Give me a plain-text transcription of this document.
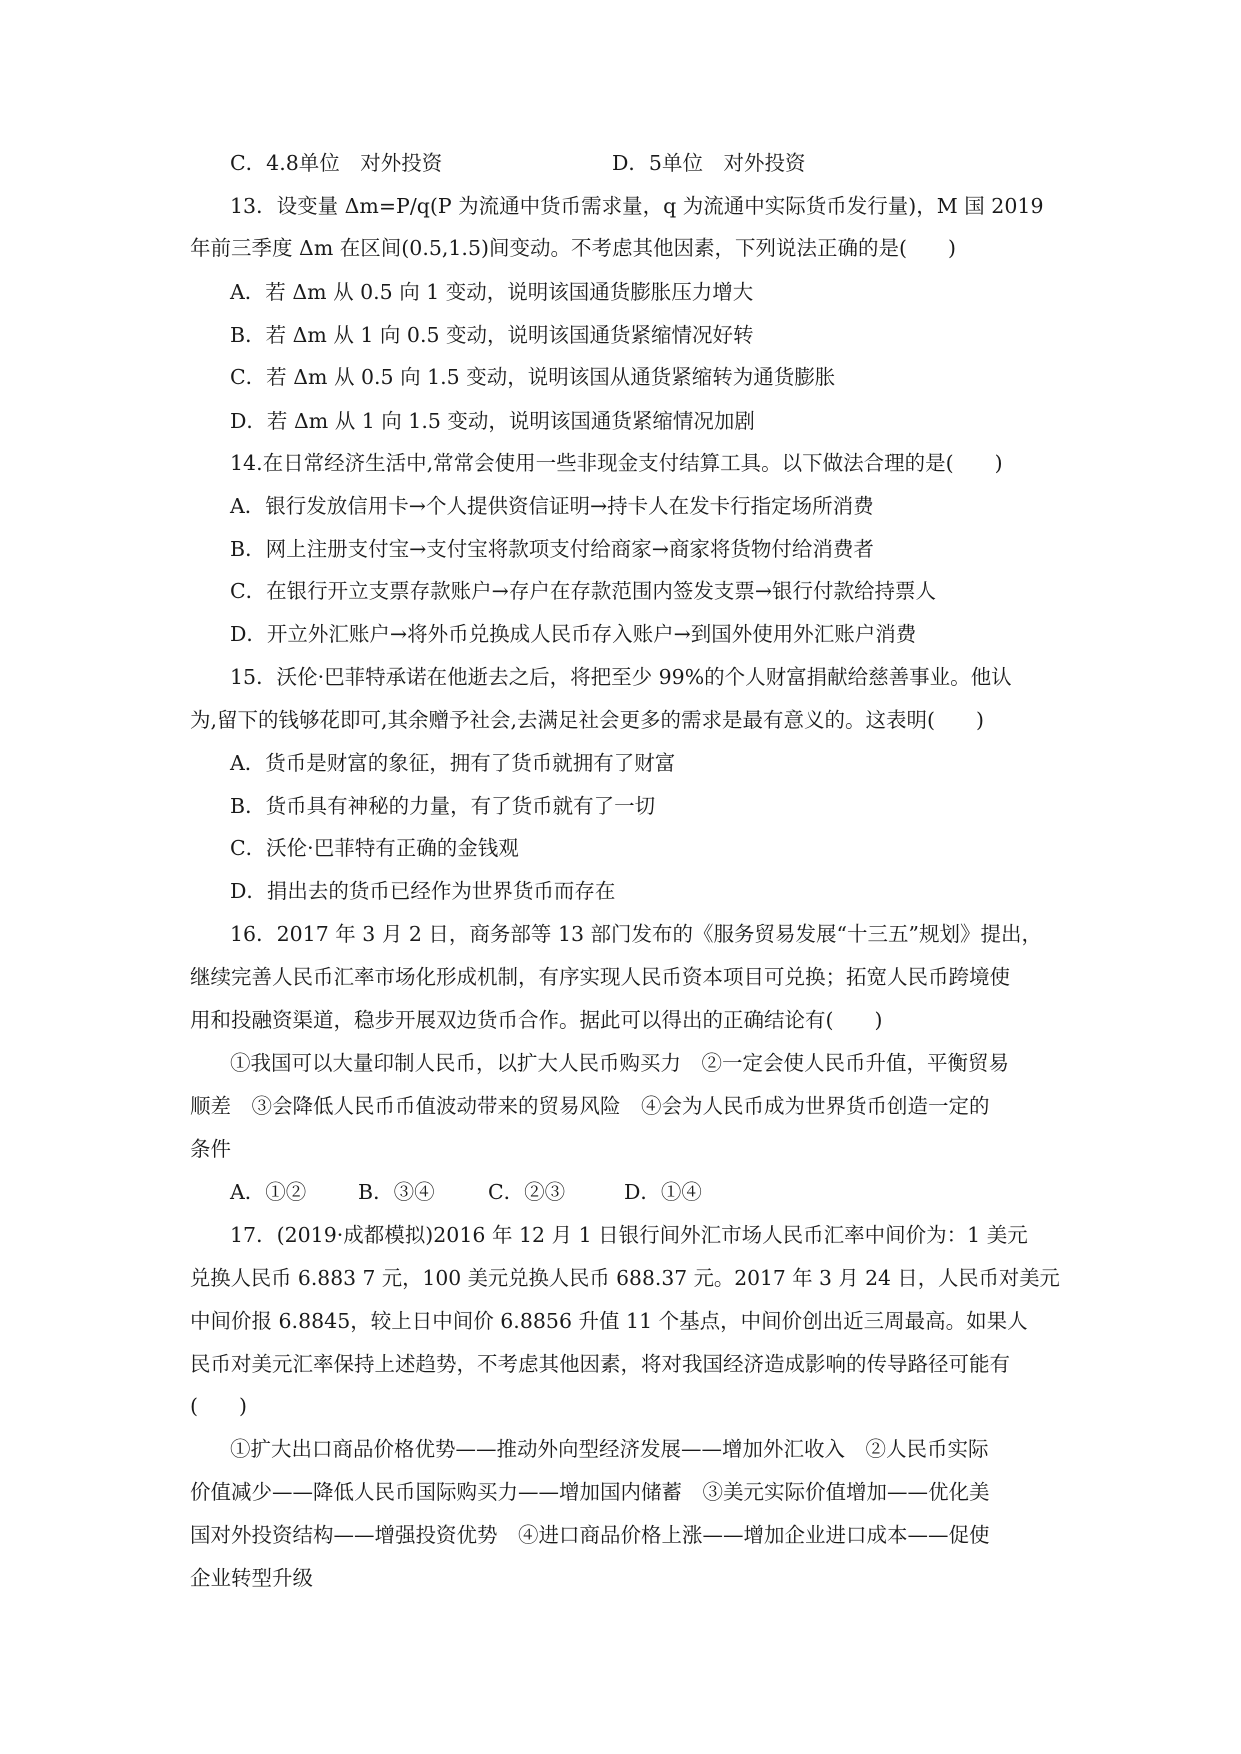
C．4.8单位　对外投资	D．5单位　对外投资
13．设变量 Δm=P/q(P 为流通中货币需求量，q 为流通中实际货币发行量)，M 国 2019
年前三季度 Δm 在区间(0.5,1.5)间变动。不考虑其他因素，下列说法正确的是(　　)
A．若 Δm 从 0.5 向 1 变动，说明该国通货膨胀压力增大
B．若 Δm 从 1 向 0.5 变动，说明该国通货紧缩情况好转
C．若 Δm 从 0.5 向 1.5 变动，说明该国从通货紧缩转为通货膨胀
D．若 Δm 从 1 向 1.5 变动，说明该国通货紧缩情况加剧
14.在日常经济生活中,常常会使用一些非现金支付结算工具。以下做法合理的是(　　)
A．银行发放信用卡→个人提供资信证明→持卡人在发卡行指定场所消费
B．网上注册支付宝→支付宝将款项支付给商家→商家将货物付给消费者
C．在银行开立支票存款账户→存户在存款范围内签发支票→银行付款给持票人
D．开立外汇账户→将外币兑换成人民币存入账户→到国外使用外汇账户消费
15．沃伦·巴菲特承诺在他逝去之后，将把至少 99%的个人财富捐献给慈善事业。他认
为,留下的钱够花即可,其余赠予社会,去满足社会更多的需求是最有意义的。这表明(　　)
A．货币是财富的象征，拥有了货币就拥有了财富
B．货币具有神秘的力量，有了货币就有了一切
C．沃伦·巴菲特有正确的金钱观
D．捐出去的货币已经作为世界货币而存在
16．2017 年 3 月 2 日，商务部等 13 部门发布的《服务贸易发展“十三五”规划》提出，
继续完善人民币汇率市场化形成机制，有序实现人民币资本项目可兑换；拓宽人民币跨境使
用和投融资渠道，稳步开展双边货币合作。据此可以得出的正确结论有(　　)
①我国可以大量印制人民币，以扩大人民币购买力　②一定会使人民币升值，平衡贸易
顺差　③会降低人民币币值波动带来的贸易风险　④会为人民币成为世界货币创造一定的
条件
A．①②	B．③④	C．②③	D．①④
17．(2019·成都模拟)2016 年 12 月 1 日银行间外汇市场人民币汇率中间价为：1 美元
兑换人民币 6.883 7 元，100 美元兑换人民币 688.37 元。2017 年 3 月 24 日，人民币对美元
中间价报 6.8845，较上日中间价 6.8856 升值 11 个基点，中间价创出近三周最高。如果人
民币对美元汇率保持上述趋势，不考虑其他因素，将对我国经济造成影响的传导路径可能有
(　　)
①扩大出口商品价格优势——推动外向型经济发展——增加外汇收入　②人民币实际
价值减少——降低人民币国际购买力——增加国内储蓄　③美元实际价值增加——优化美
国对外投资结构——增强投资优势　④进口商品价格上涨——增加企业进口成本——促使
企业转型升级
